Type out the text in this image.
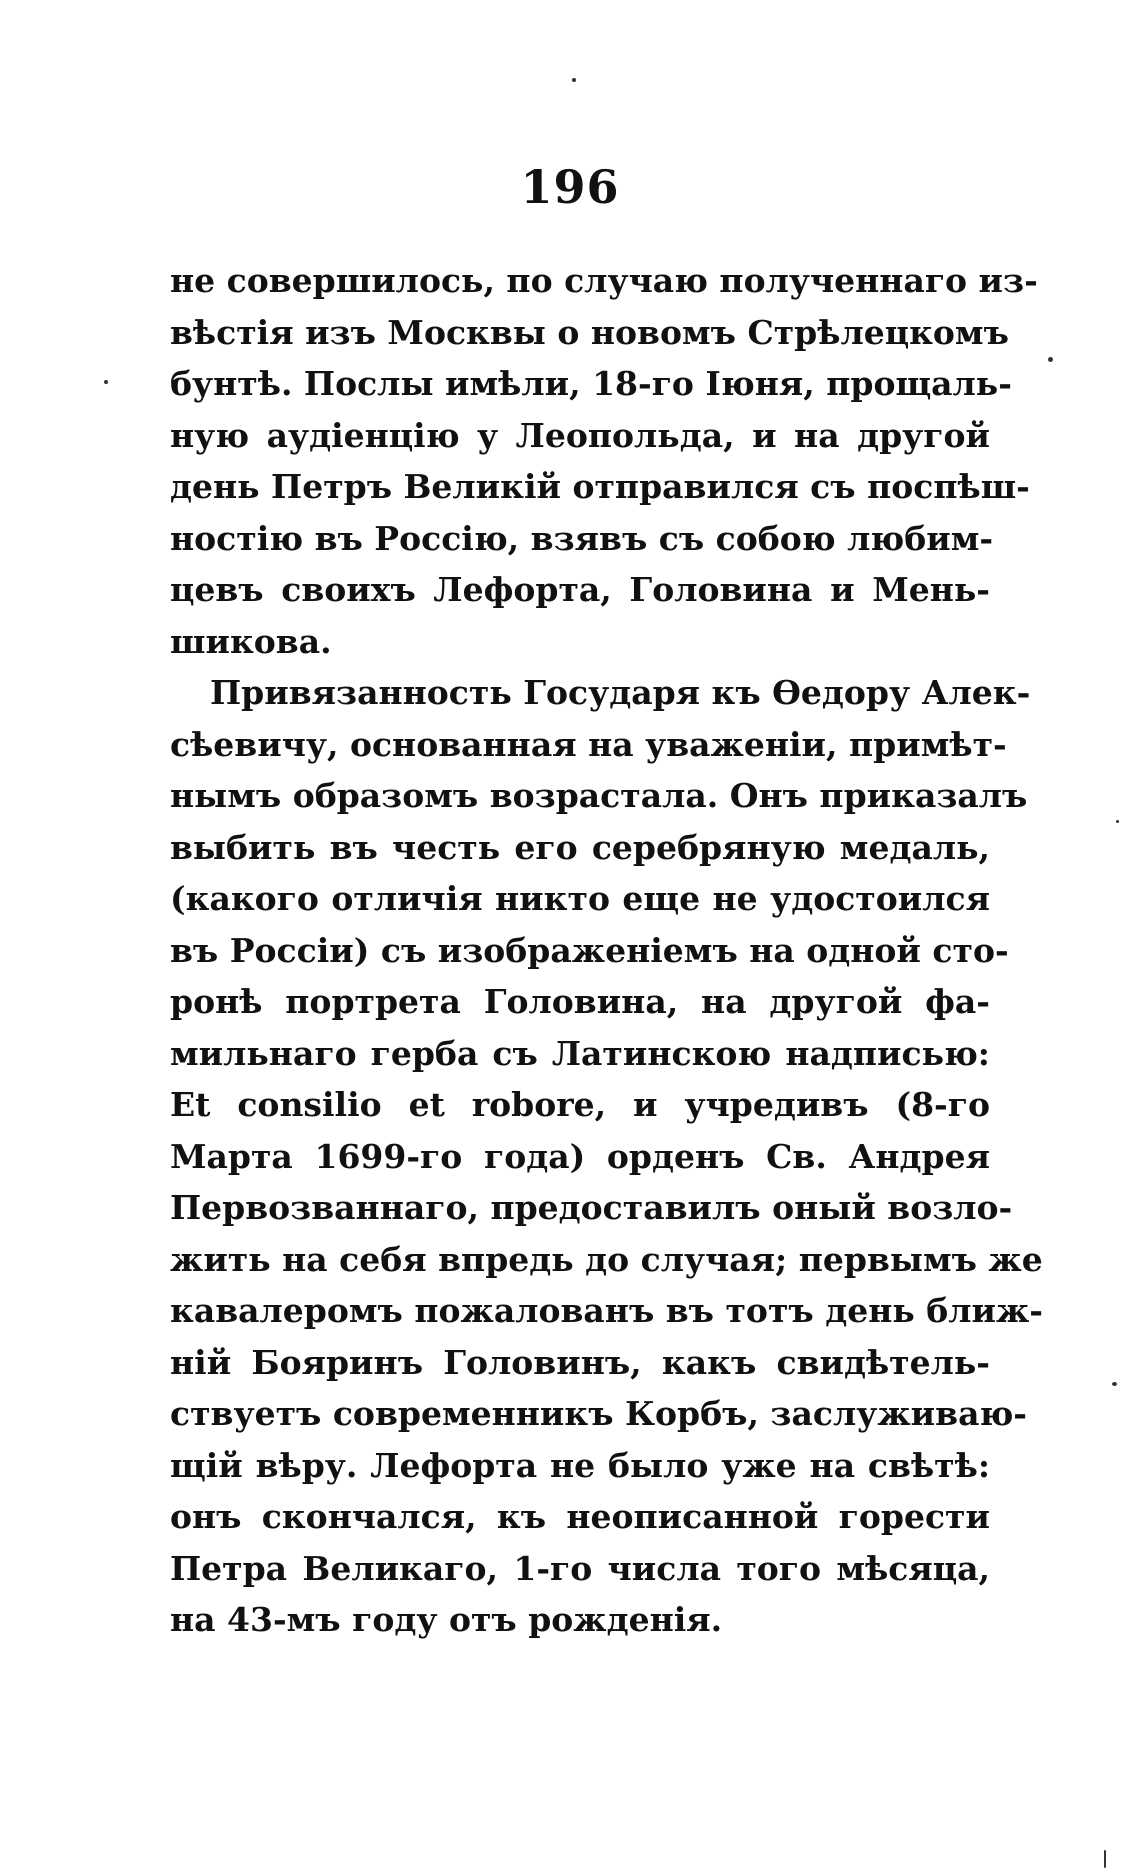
196
не совершилось, по случаю полученнаго из-
вѣстія изъ Москвы о новомъ Стрѣлецкомъ
бунтѣ. Послы имѣли, 18-го Іюня, прощаль-
ную аудіенцію у Леопольда, и на другой
день Петръ Великій отправился съ поспѣш-
ностію въ Россію, взявъ съ собою любим-
цевъ своихъ Лефорта, Головина и Мень-
шикова.
Привязанность Государя къ Ѳедору Алек-
сѣевичу, основанная на уваженіи, примѣт-
нымъ образомъ возрастала. Онъ приказалъ
выбить въ честь его серебряную медаль,
(какого отличія никто еще не удостоился
въ Россіи) съ изображеніемъ на одной сто-
ронѣ портрета Головина, на другой фа-
мильнаго герба съ Латинскою надписью:
Et consilio et robore, и учредивъ (8-го
Марта 1699-го года) орденъ Св. Андрея
Первозваннаго, предоставилъ оный возло-
жить на себя впредь до случая; первымъ же
кавалеромъ пожалованъ въ тотъ день ближ-
ній Бояринъ Головинъ, какъ свидѣтель-
ствуетъ современникъ Корбъ, заслуживаю-
щій вѣру. Лефорта не было уже на свѣтѣ:
онъ скончался, къ неописанной горести
Петра Великаго, 1-го числа того мѣсяца,
на 43-мъ году отъ рожденія.
